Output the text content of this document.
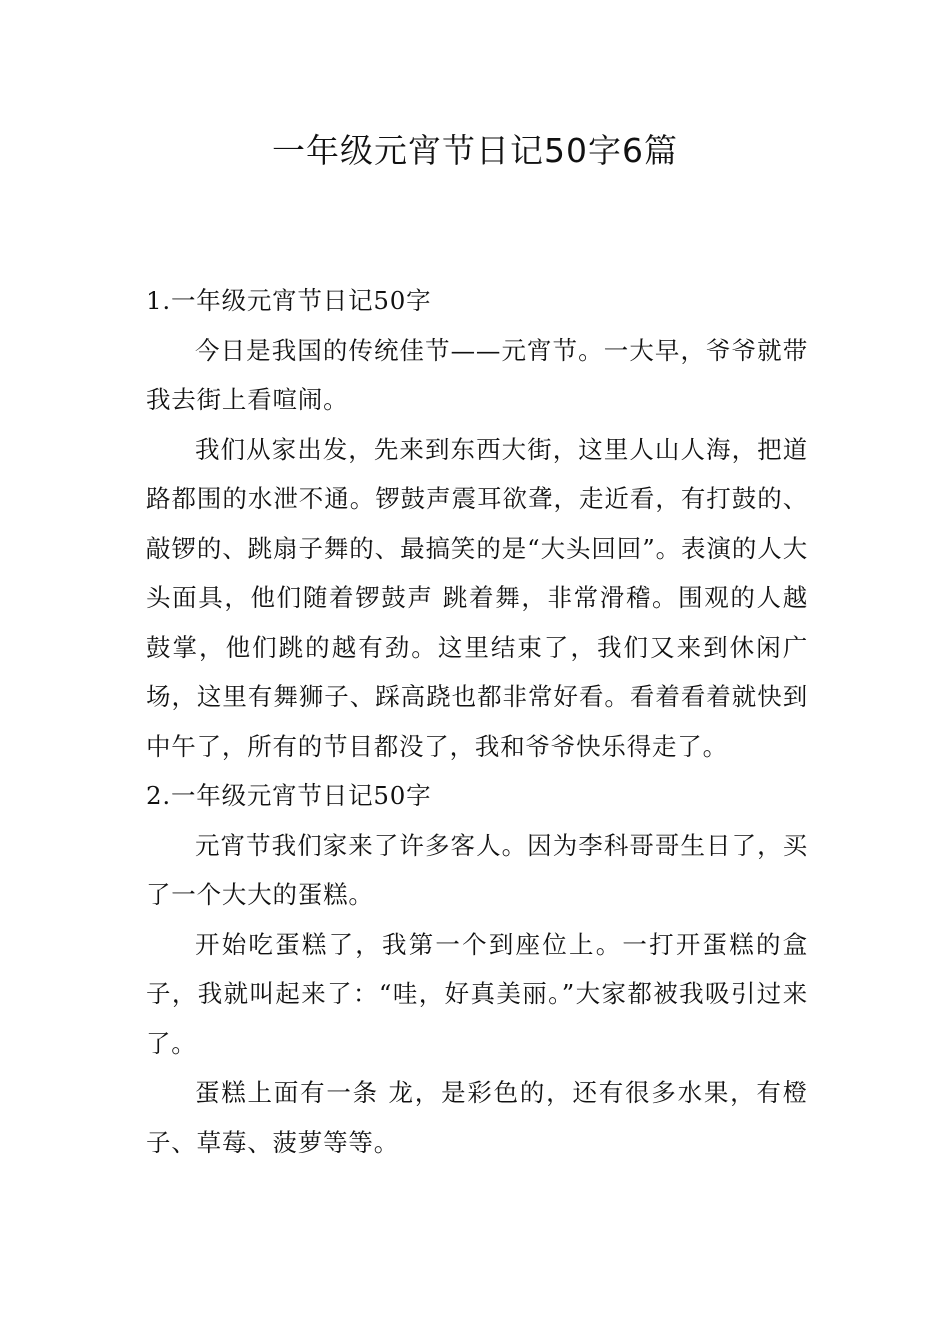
一年级元宵节日记50字6篇
1.一年级元宵节日记50字

今日是我国的传统佳节——元宵节。一大早，爷爷就带我去街上看喧闹。

我们从家出发，先来到东西大街，这里人山人海，把道路都围的水泄不通。锣鼓声震耳欲聋，走近看，有打鼓的、敲锣的、跳扇子舞的、最搞笑的是“大头回回”。表演的人大头面具，他们随着锣鼓声 跳着舞，非常滑稽。围观的人越鼓掌，他们跳的越有劲。这里结束了，我们又来到休闲广场，这里有舞狮子、踩高跷也都非常好看。看着看着就快到中午了，所有的节目都没了，我和爷爷快乐得走了。

2.一年级元宵节日记50字

元宵节我们家来了许多客人。因为李科哥哥生日了，买了一个大大的蛋糕。

开始吃蛋糕了，我第一个到座位上。一打开蛋糕的盒子，我就叫起来了：“哇，好真美丽。”大家都被我吸引过来了。

蛋糕上面有一条 龙，是彩色的，还有很多水果，有橙子、草莓、菠萝等等。
